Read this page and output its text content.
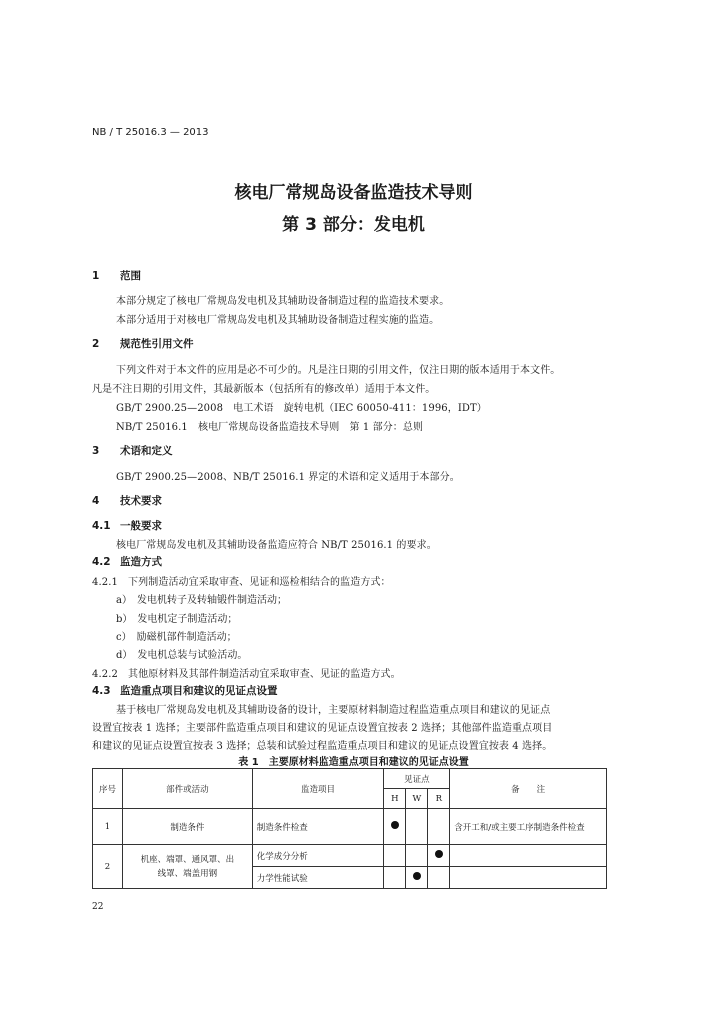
NB / T 25016.3 — 2013
核电厂常规岛设备监造技术导则
第 3 部分：发电机
1 范围
本部分规定了核电厂常规岛发电机及其辅助设备制造过程的监造技术要求。
本部分适用于对核电厂常规岛发电机及其辅助设备制造过程实施的监造。
2 规范性引用文件
下列文件对于本文件的应用是必不可少的。凡是注日期的引用文件，仅注日期的版本适用于本文件。
凡是不注日期的引用文件，其最新版本（包括所有的修改单）适用于本文件。
GB/T 2900.25—2008　电工术语　旋转电机（IEC 60050-411：1996，IDT）
NB/T 25016.1　核电厂常规岛设备监造技术导则　第 1 部分：总则
3 术语和定义
GB/T 2900.25—2008、NB/T 25016.1 界定的术语和定义适用于本部分。
4 技术要求
4.1 一般要求
核电厂常规岛发电机及其辅助设备监造应符合 NB/T 25016.1 的要求。
4.2 监造方式
4.2.1　下列制造活动宜采取审查、见证和巡检相结合的监造方式：
a）　发电机转子及转轴锻件制造活动；
b）　发电机定子制造活动；
c）　励磁机部件制造活动；
d）　发电机总装与试验活动。
4.2.2　其他原材料及其部件制造活动宜采取审查、见证的监造方式。
4.3 监造重点项目和建议的见证点设置
基于核电厂常规岛发电机及其辅助设备的设计，主要原材料制造过程监造重点项目和建议的见证点
设置宜按表 1 选择；主要部件监造重点项目和建议的见证点设置宜按表 2 选择；其他部件监造重点项目
和建议的见证点设置宜按表 3 选择；总装和试验过程监造重点项目和建议的见证点设置宜按表 4 选择。
表 1　主要原材料监造重点项目和建议的见证点设置
序号	部件或活动	监造项目	见证点			备　　注
			H	W	R	
1	制造条件	制造条件检查				含开工和/或主要工序制造条件检查
2	机座、端罩、通风罩、出线罩、端盖用钢	化学成分分析				
		力学性能试验				
22
